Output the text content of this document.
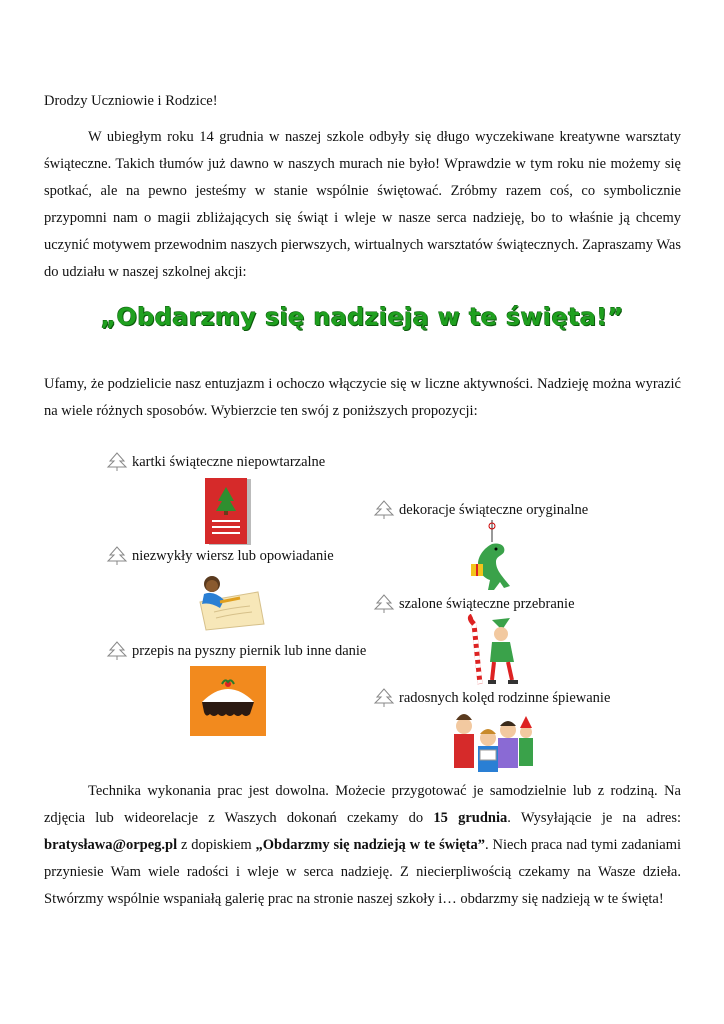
Drodzy Uczniowie i Rodzice!

W ubiegłym roku 14 grudnia w naszej szkole odbyły się długo wyczekiwane kreatywne warsztaty świąteczne. Takich tłumów już dawno w naszych murach nie było! Wprawdzie w tym roku nie możemy się spotkać, ale na pewno jesteśmy w stanie wspólnie świętować. Zróbmy razem coś, co symbolicznie przypomni nam o magii zbliżających się świąt i wleje w nasze serca nadzieję, bo to właśnie ją chcemy uczynić motywem przewodnim naszych pierwszych, wirtualnych warsztatów świątecznych. Zapraszamy Was do udziału w naszej szkolnej akcji:

„Obdarzmy się nadzieją w te święta!”

Ufamy, że podzielicie nasz entuzjazm i ochoczo włączycie się w liczne aktywności. Nadzieję można wyrazić na wiele różnych sposobów. Wybierzcie ten swój z poniższych propozycji:

kartki świąteczne niepowtarzalne
dekoracje świąteczne oryginalne
niezwykły wiersz lub opowiadanie
szalone świąteczne przebranie
przepis na pyszny piernik lub inne danie
radosnych kolęd rodzinne śpiewanie

Technika wykonania prac jest dowolna. Możecie przygotować je samodzielnie lub z rodziną. Na zdjęcia lub wideorelacje z Waszych dokonań czekamy do 15 grudnia. Wysyłającie je na adres: bratysława@orpeg.pl z dopiskiem „Obdarzmy się nadzieją w te święta”. Niech praca nad tymi zadaniami przyniesie Wam wiele radości i wleje w serca nadzieję. Z niecierpliwością czekamy na Wasze dzieła. Stwórzmy wspólnie wspaniałą galerię prac na stronie naszej szkoły i… obdarzmy się nadzieją w te święta!
